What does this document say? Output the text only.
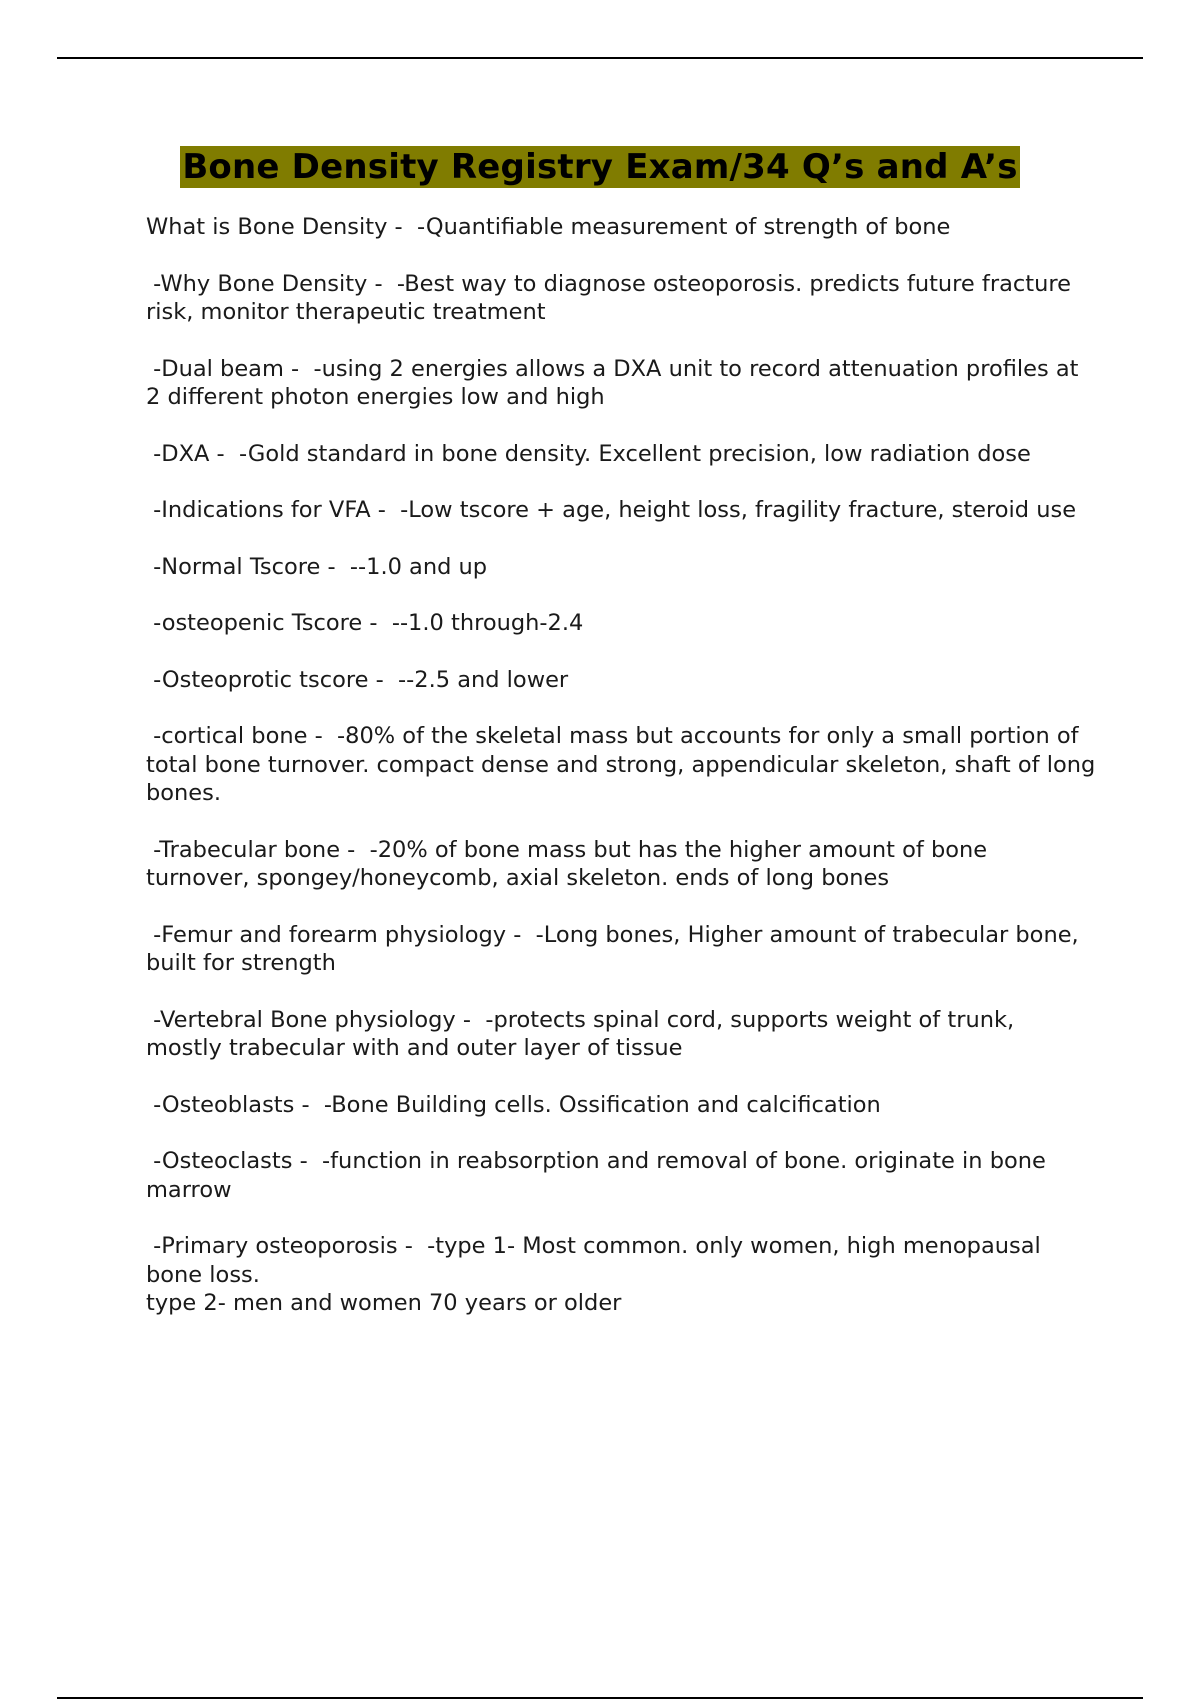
Bone Density Registry Exam/34 Q’s and A’s
What is Bone Density -  -Quantifiable measurement of strength of bone
-Why Bone Density -  -Best way to diagnose osteoporosis. predicts future fracture risk, monitor therapeutic treatment
-Dual beam -  -using 2 energies allows a DXA unit to record attenuation profiles at 2 different photon energies low and high
-DXA -  -Gold standard in bone density. Excellent precision, low radiation dose
-Indications for VFA -  -Low tscore + age, height loss, fragility fracture, steroid use
-Normal Tscore -  --1.0 and up
-osteopenic Tscore -  --1.0 through-2.4
-Osteoprotic tscore -  --2.5 and lower
-cortical bone -  -80% of the skeletal mass but accounts for only a small portion of total bone turnover. compact dense and strong, appendicular skeleton, shaft of long bones.
-Trabecular bone -  -20% of bone mass but has the higher amount of bone turnover, spongey/honeycomb, axial skeleton. ends of long bones
-Femur and forearm physiology -  -Long bones, Higher amount of trabecular bone, built for strength
-Vertebral Bone physiology -  -protects spinal cord, supports weight of trunk, mostly trabecular with and outer layer of tissue
-Osteoblasts -  -Bone Building cells. Ossification and calcification
-Osteoclasts -  -function in reabsorption and removal of bone. originate in bone marrow
-Primary osteoporosis -  -type 1- Most common. only women, high menopausal bone loss.
type 2- men and women 70 years or older
